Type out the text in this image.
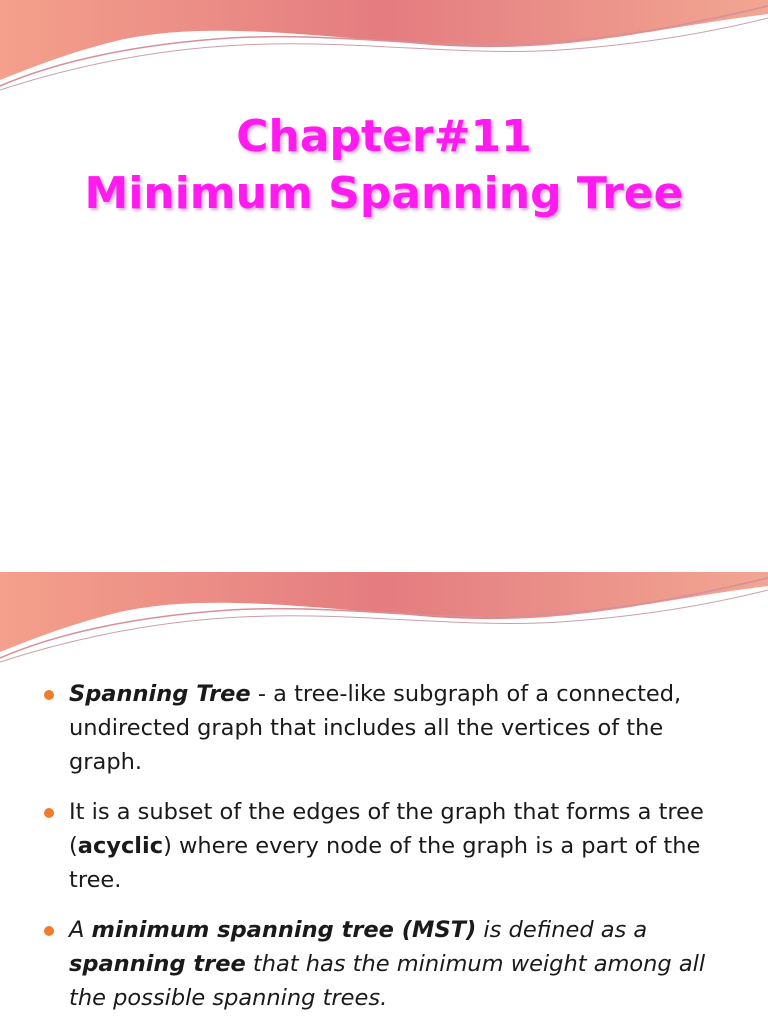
Chapter#11
Minimum Spanning Tree
Spanning Tree - a tree-like subgraph of a connected, undirected graph that includes all the vertices of the graph.
It is a subset of the edges of the graph that forms a tree (acyclic) where every node of the graph is a part of the tree.
A minimum spanning tree (MST) is defined as a spanning tree that has the minimum weight among all the possible spanning trees.
